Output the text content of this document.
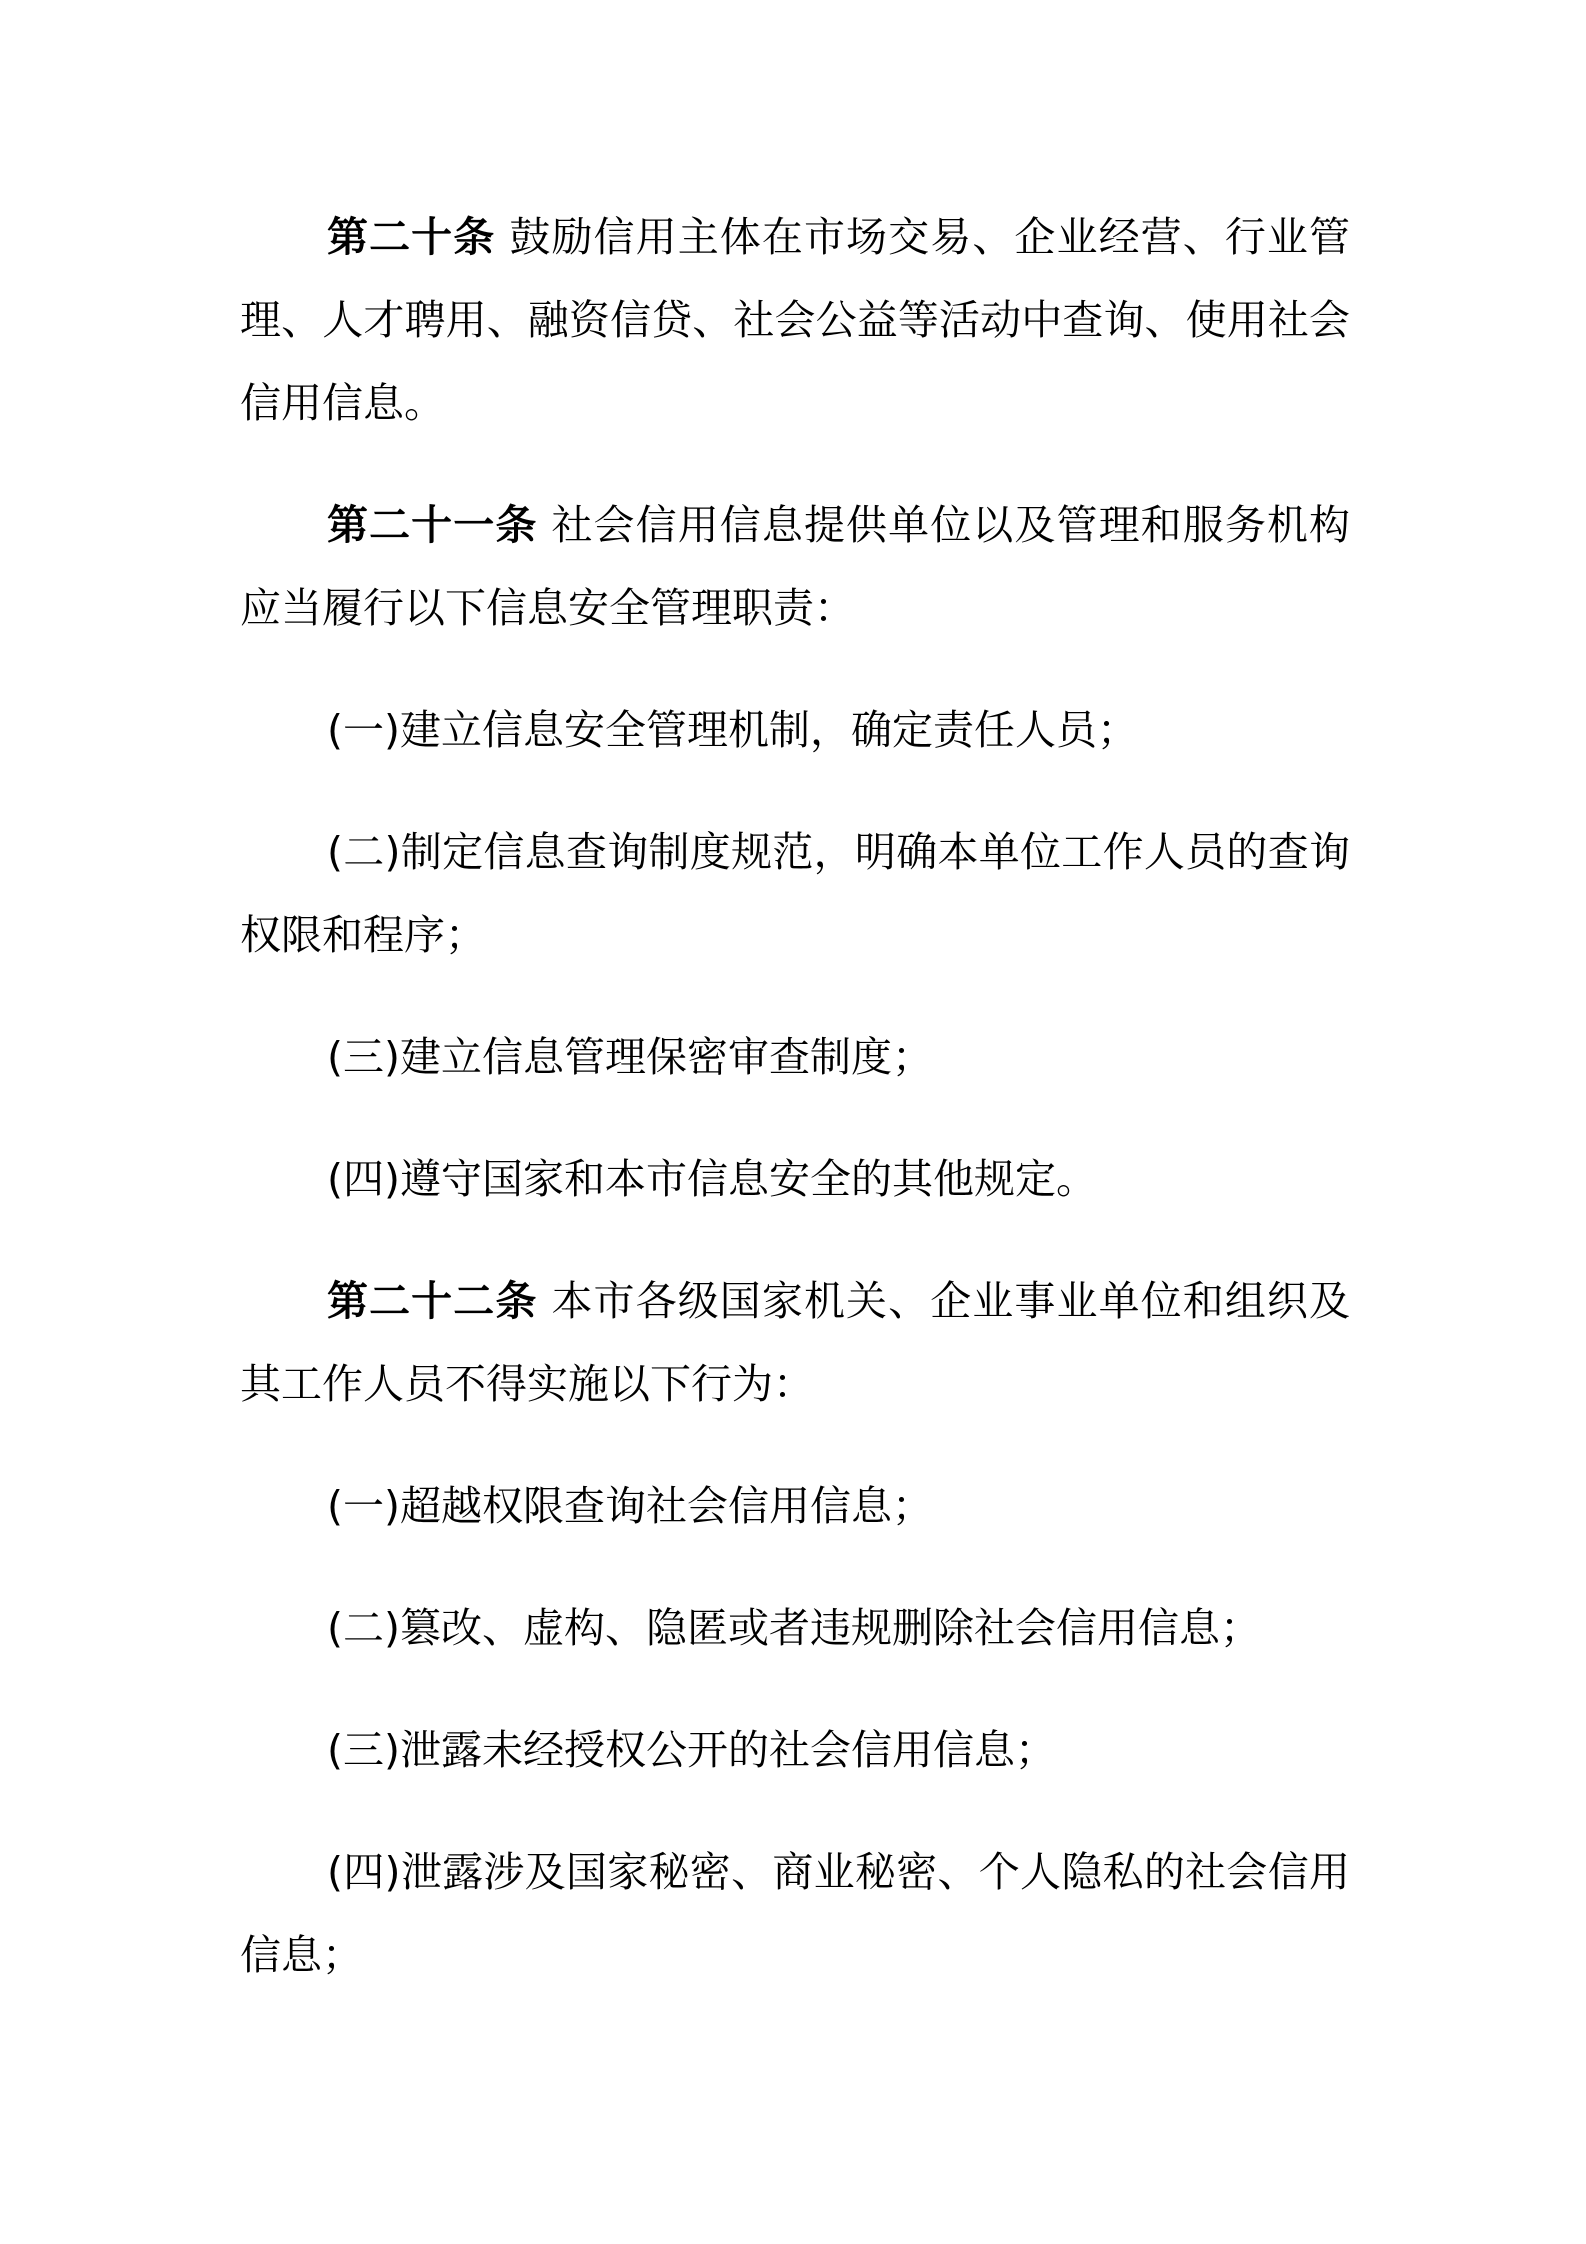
第二十条 鼓励信用主体在市场交易、企业经营、行业管理、人才聘用、融资信贷、社会公益等活动中查询、使用社会信用信息。

第二十一条 社会信用信息提供单位以及管理和服务机构应当履行以下信息安全管理职责：

(一)建立信息安全管理机制，确定责任人员；

(二)制定信息查询制度规范，明确本单位工作人员的查询权限和程序；

(三)建立信息管理保密审查制度；

(四)遵守国家和本市信息安全的其他规定。

第二十二条 本市各级国家机关、企业事业单位和组织及其工作人员不得实施以下行为：

(一)超越权限查询社会信用信息；

(二)篡改、虚构、隐匿或者违规删除社会信用信息；

(三)泄露未经授权公开的社会信用信息；

(四)泄露涉及国家秘密、商业秘密、个人隐私的社会信用信息；
